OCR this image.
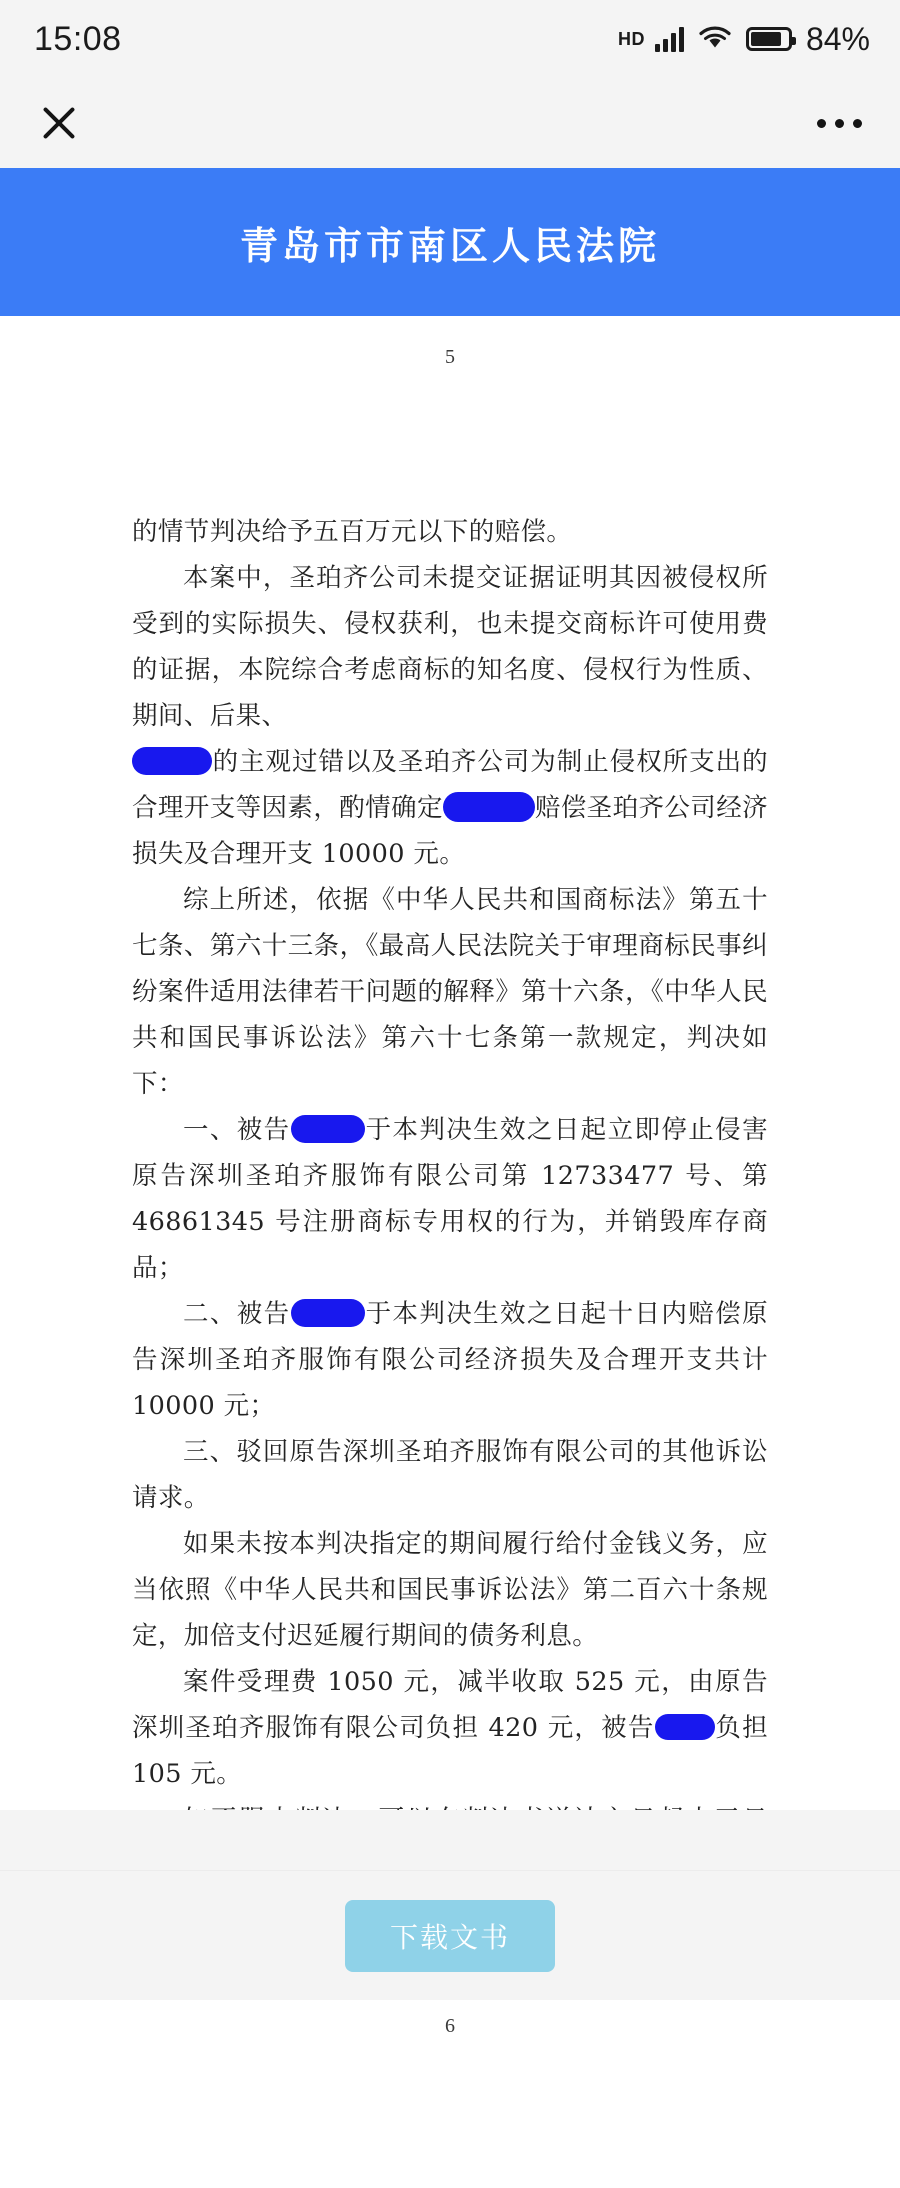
15:08	HD	84%
青岛市市南区人民法院
5

的情节判决给予五百万元以下的赔偿。

本案中，圣珀齐公司未提交证据证明其因被侵权所受到的实际损失、侵权获利，也未提交商标许可使用费的证据，本院综合考虑商标的知名度、侵权行为性质、期间、后果、

的主观过错以及圣珀齐公司为制止侵权所支出的合理开支等因素，酌情确定	赔偿圣珀齐公司经济损失及合理开支 10000 元。

综上所述，依据《中华人民共和国商标法》第五十七条、第六十三条，《最高人民法院关于审理商标民事纠纷案件适用法律若干问题的解释》第十六条，《中华人民共和国民事诉讼法》第六十七条第一款规定，判决如下：

一、被告	于本判决生效之日起立即停止侵害原告深圳圣珀齐服饰有限公司第 12733477 号、第 46861345 号注册商标专用权的行为，并销毁库存商品；

二、被告	于本判决生效之日起十日内赔偿原告深圳圣珀齐服饰有限公司经济损失及合理开支共计 10000 元；

三、驳回原告深圳圣珀齐服饰有限公司的其他诉讼请求。

如果未按本判决指定的期间履行给付金钱义务，应当依照《中华人民共和国民事诉讼法》第二百六十条规定，加倍支付迟延履行期间的债务利息。

案件受理费 1050 元，减半收取 525 元，由原告深圳圣珀齐服饰有限公司负担 420 元，被告 负担 105 元。

6
下载文书
